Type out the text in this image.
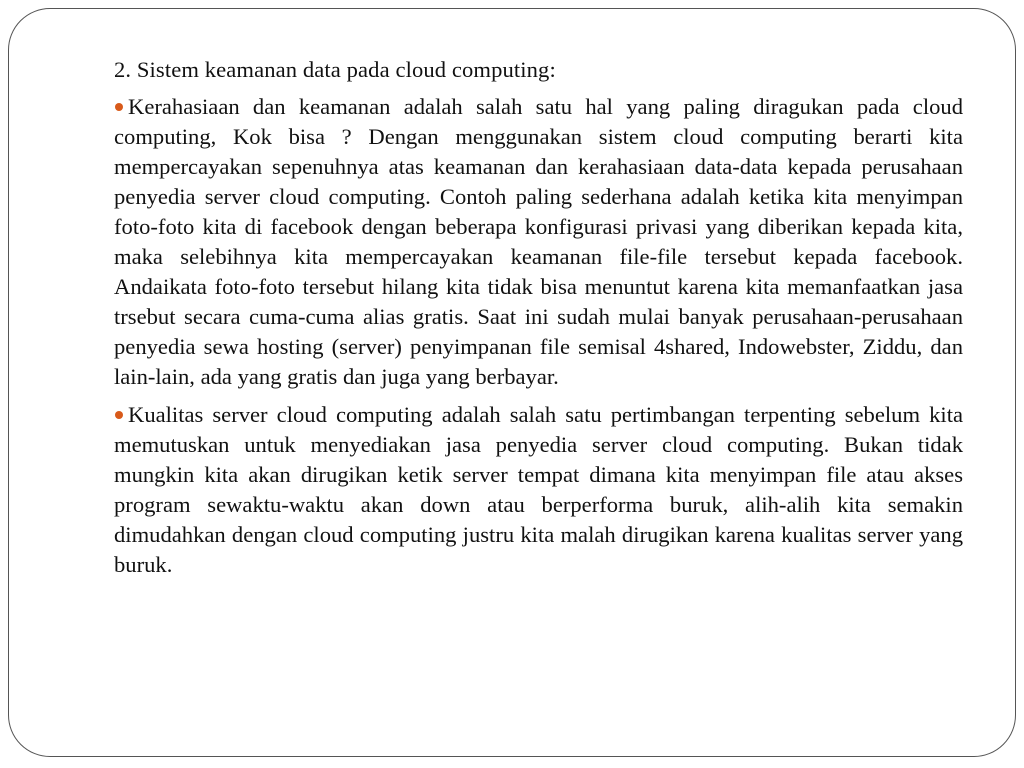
2. Sistem keamanan data pada cloud computing:

Kerahasiaan dan keamanan adalah salah satu hal yang paling diragukan pada cloud computing, Kok bisa ? Dengan menggunakan sistem cloud computing berarti kita mempercayakan sepenuhnya atas keamanan dan kerahasiaan data-data kepada perusahaan penyedia server cloud computing. Contoh paling sederhana adalah ketika kita menyimpan foto-foto kita di facebook dengan beberapa konfigurasi privasi yang diberikan kepada kita, maka selebihnya kita mempercayakan keamanan file-file tersebut kepada facebook. Andaikata foto-foto tersebut hilang kita tidak bisa menuntut karena kita memanfaatkan jasa trsebut secara cuma-cuma alias gratis. Saat ini sudah mulai banyak perusahaan-perusahaan penyedia sewa hosting (server) penyimpanan file semisal 4shared, Indowebster, Ziddu, dan lain-lain, ada yang gratis dan juga yang berbayar.

Kualitas server cloud computing adalah salah satu pertimbangan terpenting sebelum kita memutuskan untuk menyediakan jasa penyedia server cloud computing. Bukan tidak mungkin kita akan dirugikan ketik server tempat dimana kita menyimpan file atau akses program sewaktu-waktu akan down atau berperforma buruk, alih-alih kita semakin dimudahkan dengan cloud computing justru kita malah dirugikan karena kualitas server yang buruk.
